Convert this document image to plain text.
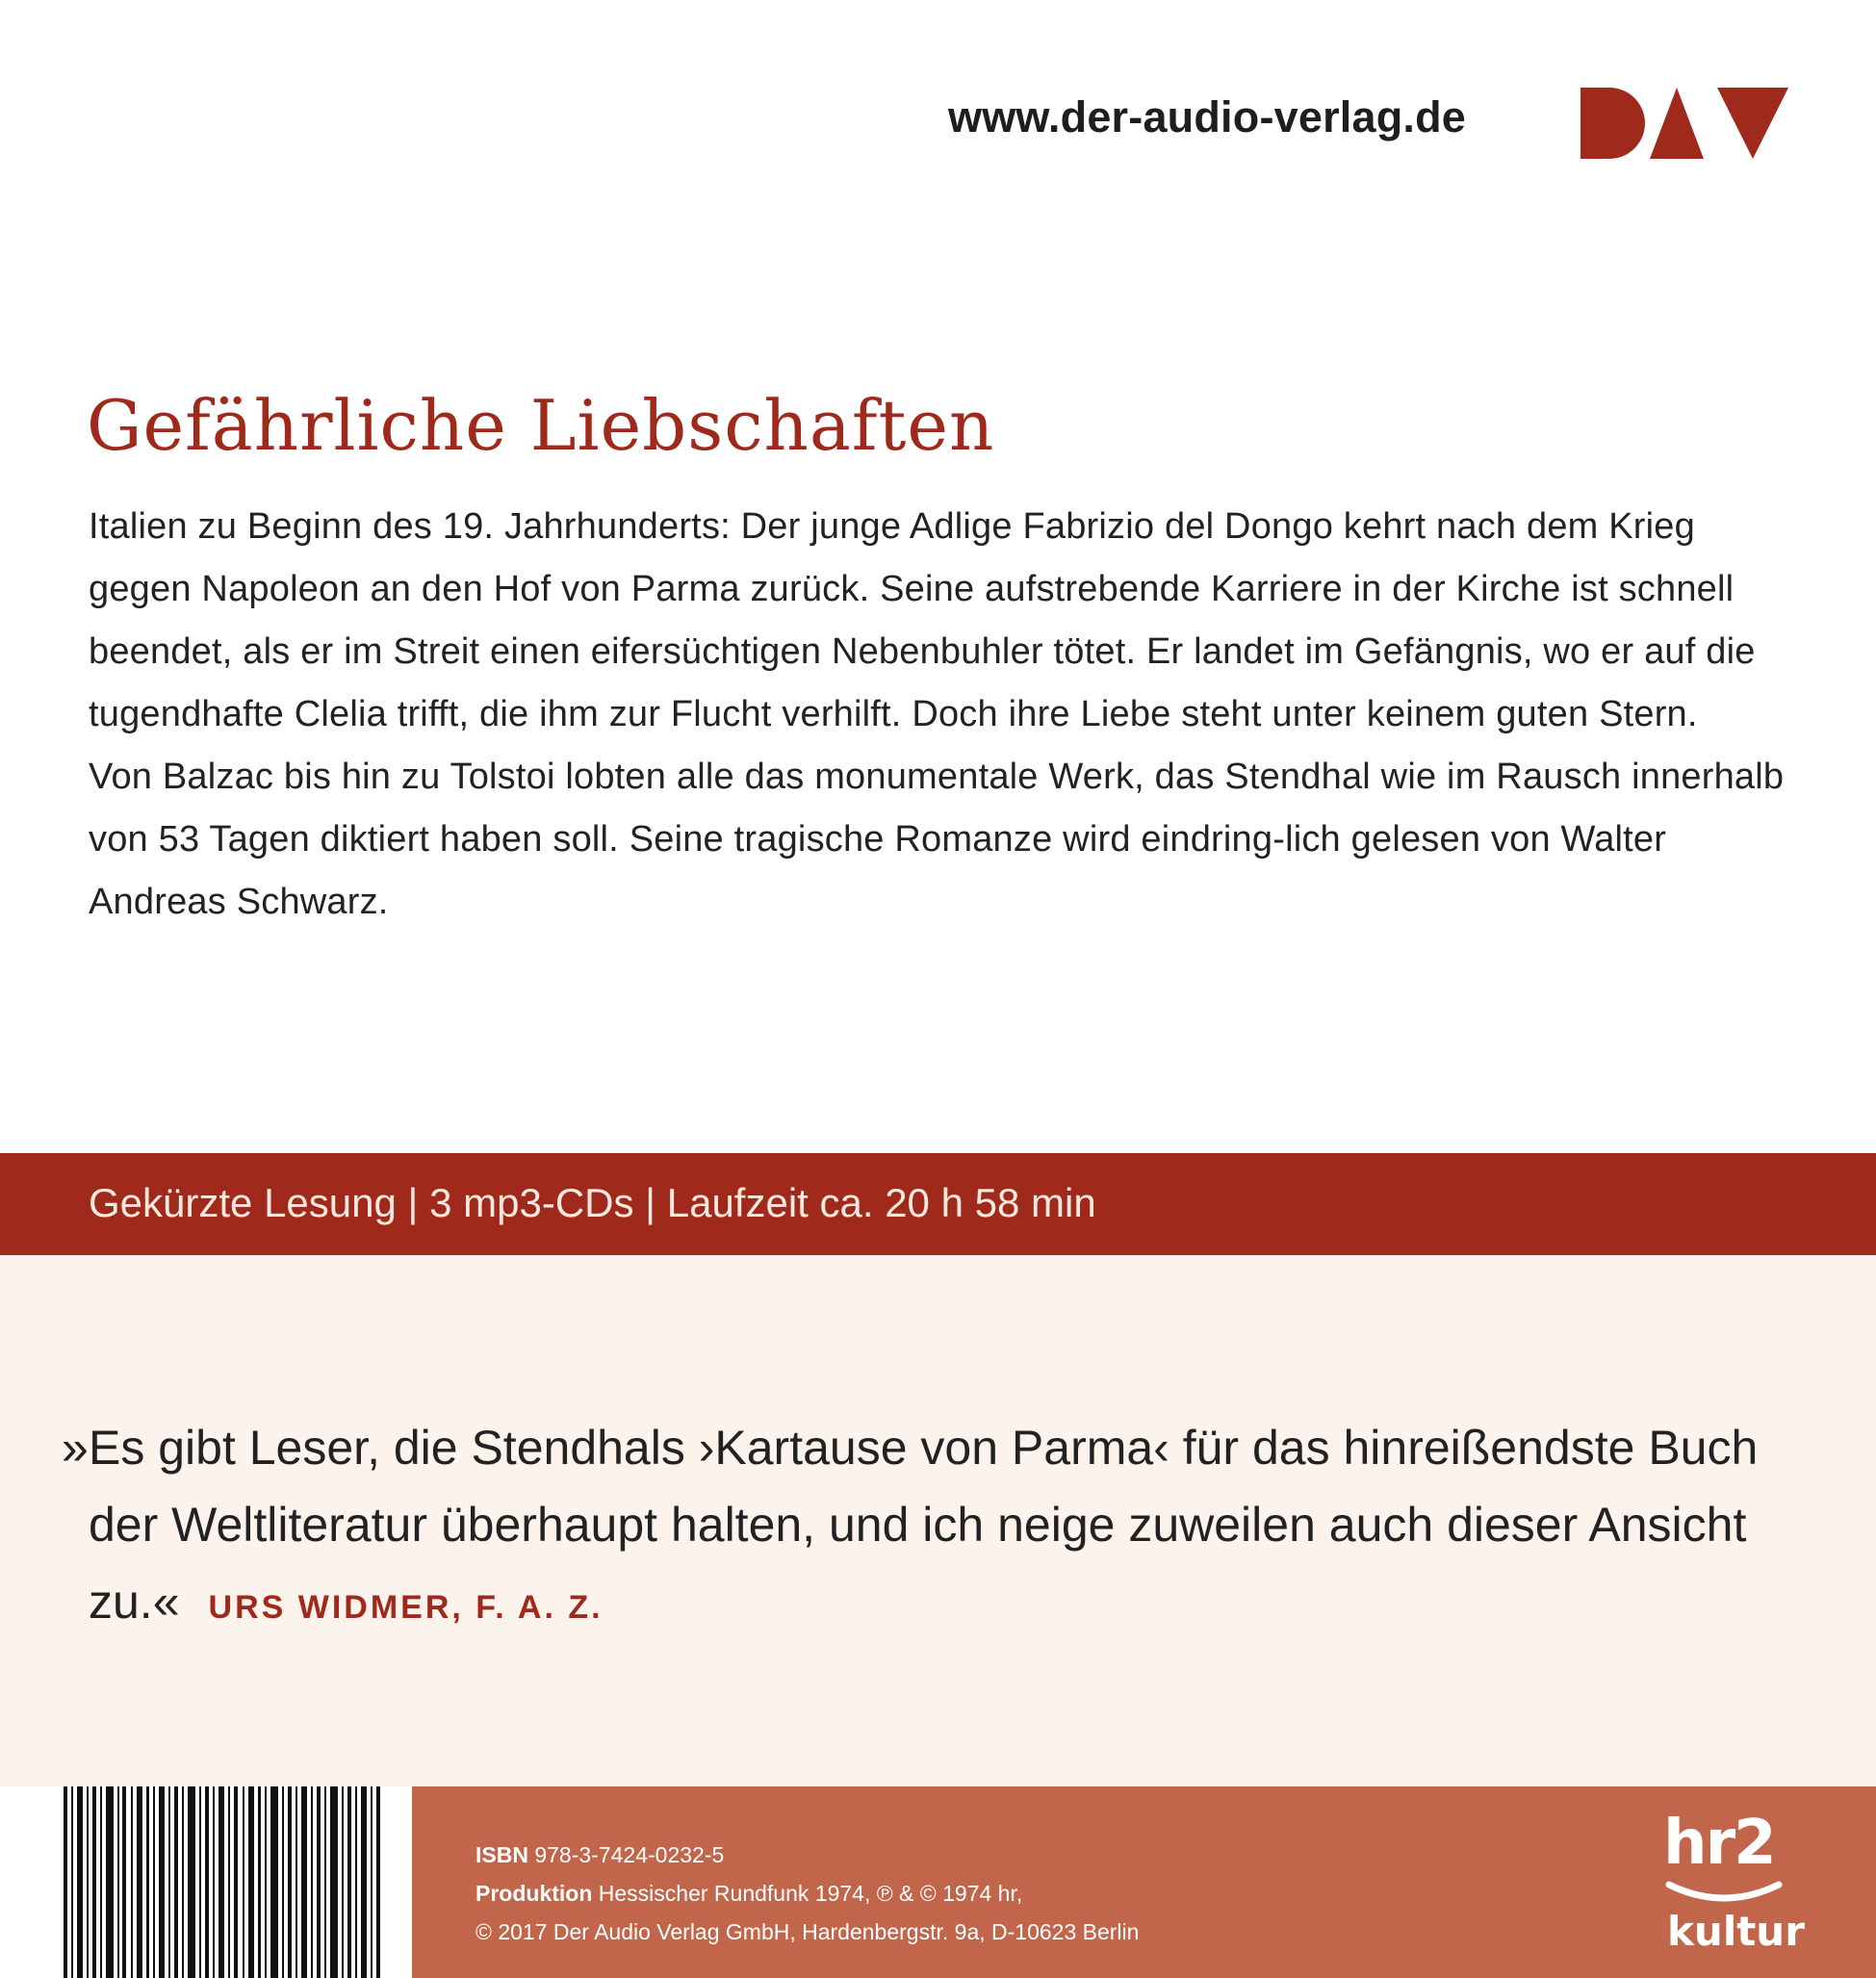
www.der-audio-verlag.de
Gefährliche Liebschaften

Italien zu Beginn des 19. Jahrhunderts: Der junge Adlige Fabrizio del Dongo kehrt nach dem Krieg gegen Napoleon an den Hof von Parma zurück. Seine aufstrebende Karriere in der Kirche ist schnell beendet, als er im Streit einen eifersüchtigen Nebenbuhler tötet. Er landet im Gefängnis, wo er auf die tugendhafte Clelia trifft, die ihm zur Flucht verhilft. Doch ihre Liebe steht unter keinem guten Stern.

Von Balzac bis hin zu Tolstoi lobten alle das monumentale Werk, das Stendhal wie im Rausch innerhalb von 53 Tagen diktiert haben soll. Seine tragische Romanze wird eindring-lich gelesen von Walter Andreas Schwarz.

Gekürzte Lesung | 3 mp3-CDs | Laufzeit ca. 20 h 58 min
» Es gibt Leser, die Stendhals ›Kartause von Parma‹ für das hinreißendste Buch der Weltliteratur überhaupt halten, und ich neige zuweilen auch dieser Ansicht zu.« URS WIDMER, F. A. Z.
ISBN 978-3-7424-0232-5
Produktion Hessischer Rundfunk 1974, ℗ & © 1974 hr,
© 2017 Der Audio Verlag GmbH, Hardenbergstr. 9a, D-10623 Berlin
hr2
kultur
